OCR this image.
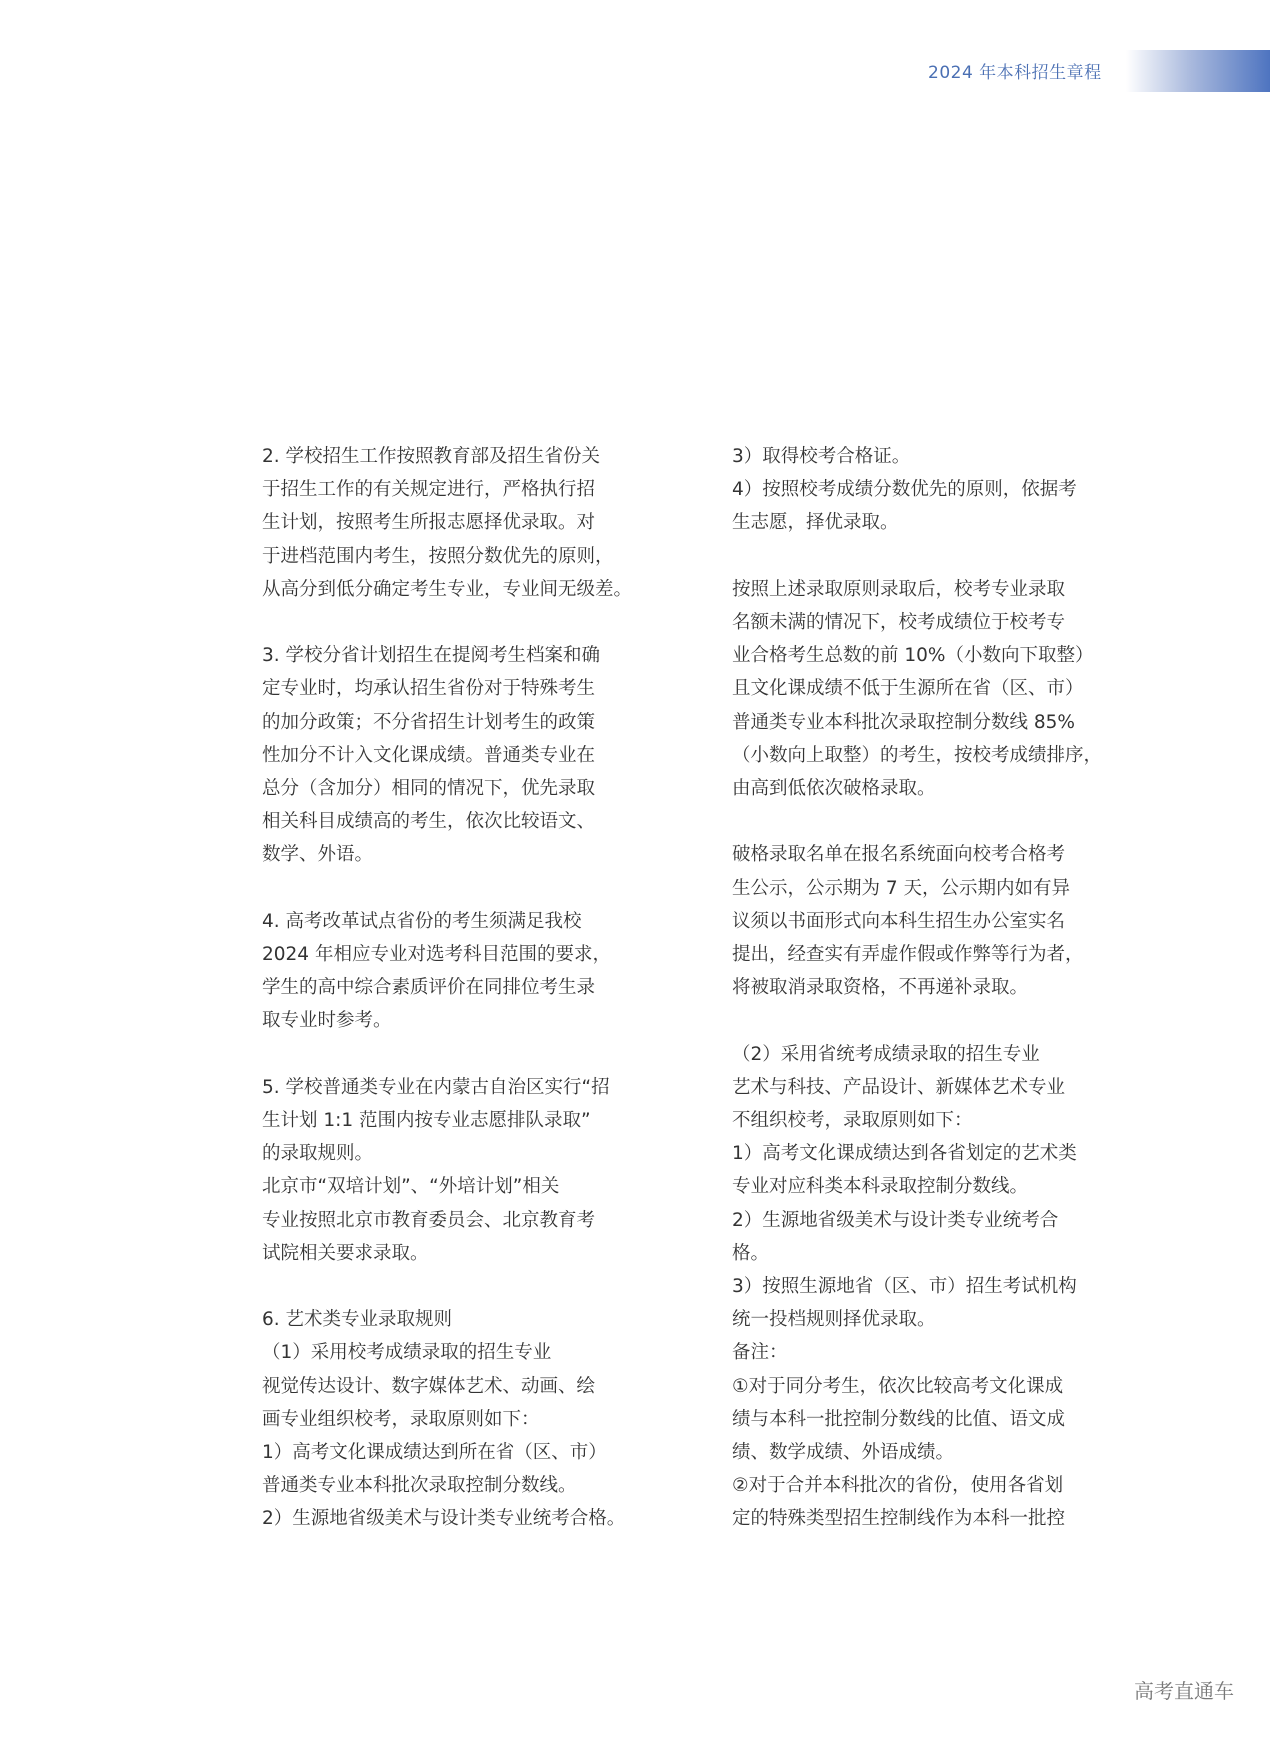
2024 年本科招生章程
2. 学校招生工作按照教育部及招生省份关
于招生工作的有关规定进行，严格执行招
生计划，按照考生所报志愿择优录取。对
于进档范围内考生，按照分数优先的原则，
从高分到低分确定考生专业，专业间无级差。
3. 学校分省计划招生在提阅考生档案和确
定专业时，均承认招生省份对于特殊考生
的加分政策；不分省招生计划考生的政策
性加分不计入文化课成绩。普通类专业在
总分（含加分）相同的情况下，优先录取
相关科目成绩高的考生，依次比较语文、
数学、外语。
4. 高考改革试点省份的考生须满足我校
2024 年相应专业对选考科目范围的要求，
学生的高中综合素质评价在同排位考生录
取专业时参考。
5. 学校普通类专业在内蒙古自治区实行“招
生计划 1:1 范围内按专业志愿排队录取”
的录取规则。
北京市“双培计划”、“外培计划”相关
专业按照北京市教育委员会、北京教育考
试院相关要求录取。
6. 艺术类专业录取规则
（1）采用校考成绩录取的招生专业
视觉传达设计、数字媒体艺术、动画、绘
画专业组织校考，录取原则如下：
1）高考文化课成绩达到所在省（区、市）
普通类专业本科批次录取控制分数线。
2）生源地省级美术与设计类专业统考合格。
3）取得校考合格证。
4）按照校考成绩分数优先的原则，依据考
生志愿，择优录取。
按照上述录取原则录取后，校考专业录取
名额未满的情况下，校考成绩位于校考专
业合格考生总数的前 10%（小数向下取整）
且文化课成绩不低于生源所在省（区、市）
普通类专业本科批次录取控制分数线 85%
（小数向上取整）的考生，按校考成绩排序，
由高到低依次破格录取。
破格录取名单在报名系统面向校考合格考
生公示，公示期为 7 天，公示期内如有异
议须以书面形式向本科生招生办公室实名
提出，经查实有弄虚作假或作弊等行为者，
将被取消录取资格，不再递补录取。
（2）采用省统考成绩录取的招生专业
艺术与科技、产品设计、新媒体艺术专业
不组织校考，录取原则如下：
1）高考文化课成绩达到各省划定的艺术类
专业对应科类本科录取控制分数线。
2）生源地省级美术与设计类专业统考合
格。
3）按照生源地省（区、市）招生考试机构
统一投档规则择优录取。
备注：
①对于同分考生，依次比较高考文化课成
绩与本科一批控制分数线的比值、语文成
绩、数学成绩、外语成绩。
②对于合并本科批次的省份，使用各省划
定的特殊类型招生控制线作为本科一批控
高考直通车
